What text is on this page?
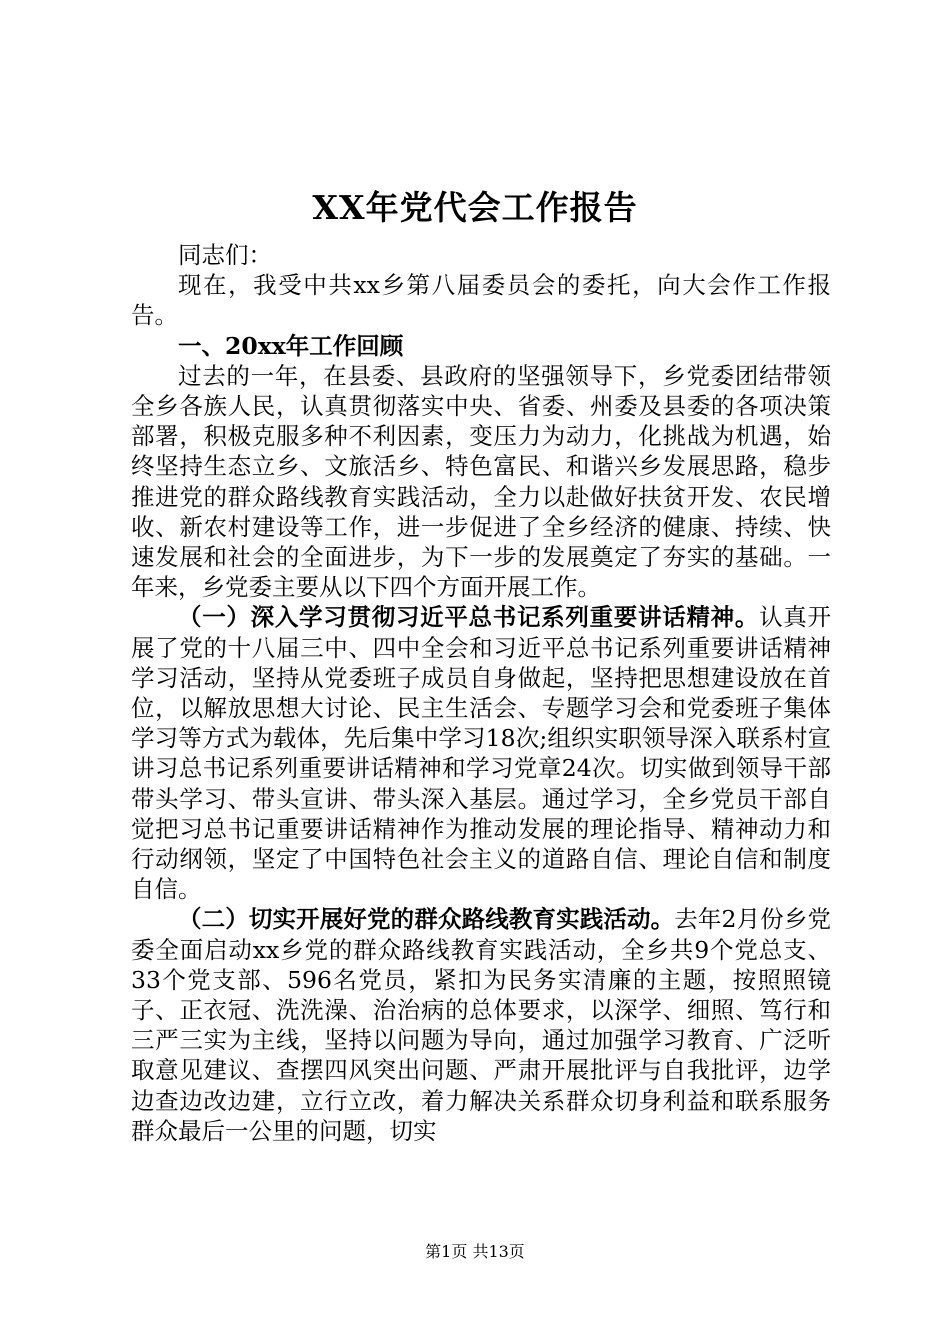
XX年党代会工作报告

同志们：

现在，我受中共xx乡第八届委员会的委托，向大会作工作报告。

一、20xx年工作回顾

过去的一年，在县委、县政府的坚强领导下，乡党委团结带领全乡各族人民，认真贯彻落实中央、省委、州委及县委的各项决策部署，积极克服多种不利因素，变压力为动力，化挑战为机遇，始终坚持生态立乡、文旅活乡、特色富民、和谐兴乡发展思路，稳步推进党的群众路线教育实践活动，全力以赴做好扶贫开发、农民增收、新农村建设等工作，进一步促进了全乡经济的健康、持续、快速发展和社会的全面进步，为下一步的发展奠定了夯实的基础。一年来，乡党委主要从以下四个方面开展工作。

（一）深入学习贯彻习近平总书记系列重要讲话精神。认真开展了党的十八届三中、四中全会和习近平总书记系列重要讲话精神学习活动，坚持从党委班子成员自身做起，坚持把思想建设放在首位，以解放思想大讨论、民主生活会、专题学习会和党委班子集体学习等方式为载体，先后集中学习18次;组织实职领导深入联系村宣讲习总书记系列重要讲话精神和学习党章24次。切实做到领导干部带头学习、带头宣讲、带头深入基层。通过学习，全乡党员干部自觉把习总书记重要讲话精神作为推动发展的理论指导、精神动力和行动纲领，坚定了中国特色社会主义的道路自信、理论自信和制度自信。

（二）切实开展好党的群众路线教育实践活动。去年2月份乡党委全面启动xx乡党的群众路线教育实践活动，全乡共9个党总支、33个党支部、596名党员，紧扣为民务实清廉的主题，按照照镜子、正衣冠、洗洗澡、治治病的总体要求，以深学、细照、笃行和三严三实为主线，坚持以问题为导向，通过加强学习教育、广泛听取意见建议、查摆四风突出问题、严肃开展批评与自我批评，边学边查边改边建，立行立改，着力解决关系群众切身利益和联系服务群众最后一公里的问题，切实

第1页 共13页
